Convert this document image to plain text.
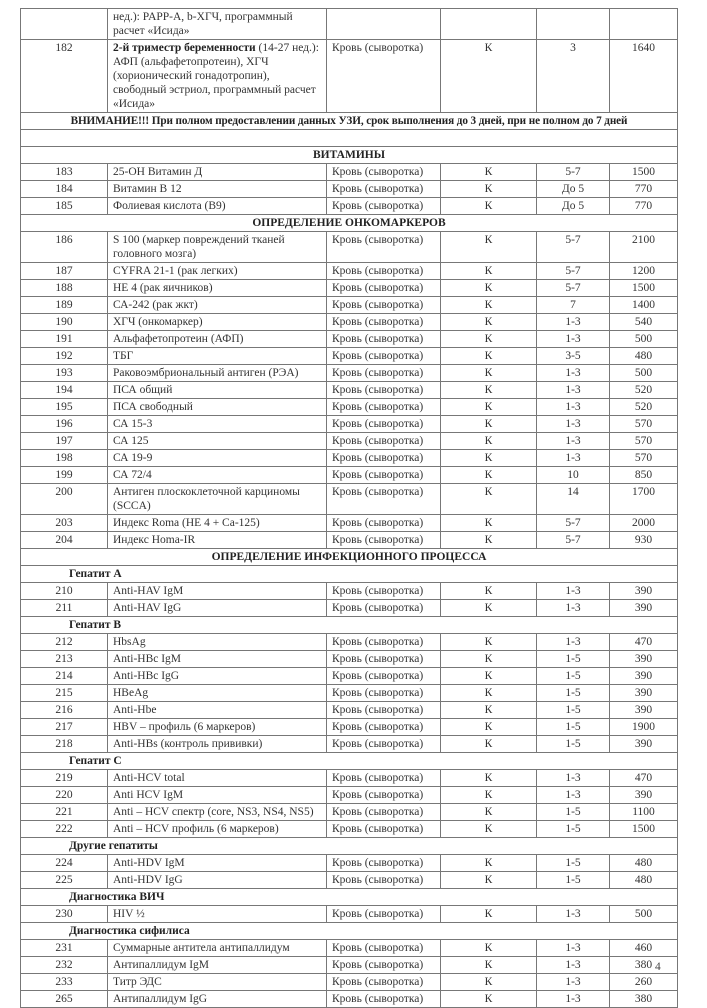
	нед.): PAPP-A, b-ХГЧ, программный расчет «Исида»				
182	2-й триместр беременности (14-27 нед.): АФП (альфафетопротеин), ХГЧ (хорионический гонадотропин), свободный эстриол, программный расчет «Исида»	Кровь (сыворотка)	К	3	1640
ВНИМАНИЕ!!! При полном предоставлении данных УЗИ, срок выполнения до 3 дней, при не полном до 7 дней					

ВИТАМИНЫ					
183	25-ОН Витамин Д	Кровь (сыворотка)	К	5-7	1500
184	Витамин В 12	Кровь (сыворотка)	К	До 5	770
185	Фолиевая кислота (В9)	Кровь (сыворотка)	К	До 5	770
ОПРЕДЕЛЕНИЕ ОНКОМАРКЕРОВ					
186	S 100 (маркер повреждений тканей головного мозга)	Кровь (сыворотка)	К	5-7	2100
187	CYFRA 21-1 (рак легких)	Кровь (сыворотка)	К	5-7	1200
188	НЕ 4 (рак яичников)	Кровь (сыворотка)	К	5-7	1500
189	СА-242 (рак жкт)	Кровь (сыворотка)	К	7	1400
190	ХГЧ (онкомаркер)	Кровь (сыворотка)	К	1-3	540
191	Альфафетопротеин (АФП)	Кровь (сыворотка)	К	1-3	500
192	ТБГ	Кровь (сыворотка)	К	3-5	480
193	Раковоэмбриональный антиген (РЭА)	Кровь (сыворотка)	К	1-3	500
194	ПСА общий	Кровь (сыворотка)	К	1-3	520
195	ПСА свободный	Кровь (сыворотка)	К	1-3	520
196	СА 15-3	Кровь (сыворотка)	К	1-3	570
197	СА 125	Кровь (сыворотка)	К	1-3	570
198	СА 19-9	Кровь (сыворотка)	К	1-3	570
199	СА 72/4	Кровь (сыворотка)	К	10	850
200	Антиген плоскоклеточной карциномы (SCCA)	Кровь (сыворотка)	К	14	1700
203	Индекс Roma (HE 4 + Ca-125)	Кровь (сыворотка)	К	5-7	2000
204	Индекс Homa-IR	Кровь (сыворотка)	К	5-7	930
ОПРЕДЕЛЕНИЕ ИНФЕКЦИОННОГО ПРОЦЕССА					
Гепатит А					
210	Anti-HAV IgM	Кровь (сыворотка)	К	1-3	390
211	Anti-HAV IgG	Кровь (сыворотка)	К	1-3	390
Гепатит В					
212	HbsAg	Кровь (сыворотка)	К	1-3	470
213	Anti-HBc IgM	Кровь (сыворотка)	К	1-5	390
214	Anti-HBc IgG	Кровь (сыворотка)	К	1-5	390
215	HBeAg	Кровь (сыворотка)	К	1-5	390
216	Anti-Hbe	Кровь (сыворотка)	К	1-5	390
217	HBV – профиль (6 маркеров)	Кровь (сыворотка)	К	1-5	1900
218	Anti-HBs (контроль прививки)	Кровь (сыворотка)	К	1-5	390
Гепатит С					
219	Anti-HCV total	Кровь (сыворотка)	К	1-3	470
220	Anti HCV IgM	Кровь (сыворотка)	К	1-3	390
221	Anti – HCV спектр (core, NS3, NS4, NS5)	Кровь (сыворотка)	К	1-5	1100
222	Anti – HCV профиль (6 маркеров)	Кровь (сыворотка)	К	1-5	1500
Другие гепатиты					
224	Anti-HDV IgM	Кровь (сыворотка)	К	1-5	480
225	Anti-HDV IgG	Кровь (сыворотка)	К	1-5	480
Диагностика ВИЧ					
230	HIV ½	Кровь (сыворотка)	К	1-3	500
Диагностика сифилиса					
231	Суммарные антитела антипаллидум	Кровь (сыворотка)	К	1-3	460
232	Антипаллидум IgM	Кровь (сыворотка)	К	1-3	380
233	Титр ЭДС	Кровь (сыворотка)	К	1-3	260
265	Антипаллидум IgG	Кровь (сыворотка)	К	1-3	380
4
